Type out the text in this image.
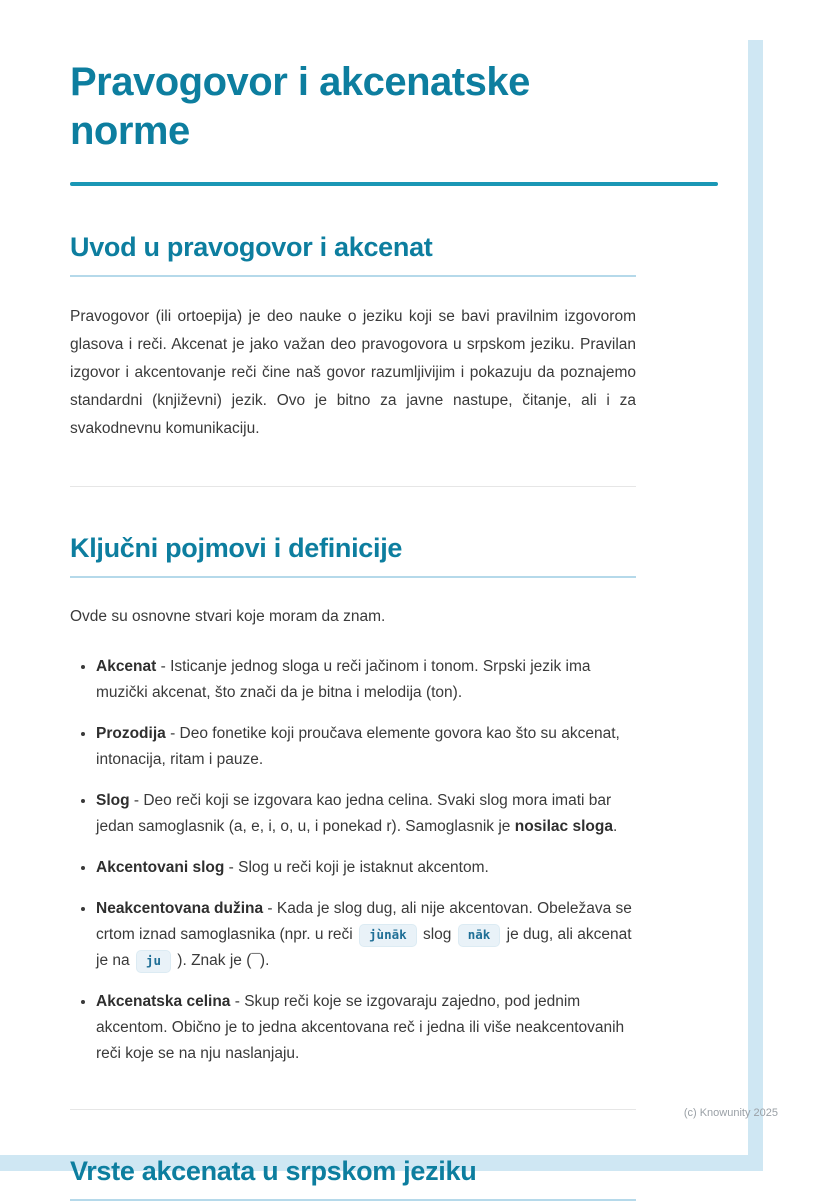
Pravogovor i akcenatske norme
Uvod u pravogovor i akcenat

Pravogovor (ili ortoepija) je deo nauke o jeziku koji se bavi pravilnim izgovorom glasova i reči. Akcenat je jako važan deo pravogovora u srpskom jeziku. Pravilan izgovor i akcentovanje reči čine naš govor razumljivijim i pokazuju da poznajemo standardni (književni) jezik. Ovo je bitno za javne nastupe, čitanje, ali i za svakodnevnu komunikaciju.

Ključni pojmovi i definicije

Ovde su osnovne stvari koje moram da znam.

• Akcenat - Isticanje jednog sloga u reči jačinom i tonom. Srpski jezik ima muzički akcenat, što znači da je bitna i melodija (ton).
• Prozodija - Deo fonetike koji proučava elemente govora kao što su akcenat, intonacija, ritam i pauze.
• Slog - Deo reči koji se izgovara kao jedna celina. Svaki slog mora imati bar jedan samoglasnik (a, e, i, o, u, i ponekad r). Samoglasnik je nosilac sloga.
• Akcentovani slog - Slog u reči koji je istaknut akcentom.
• Neakcentovana dužina - Kada je slog dug, ali nije akcentovan. Obeležava se crtom iznad samoglasnika (npr. u reči jùnāk slog nāk je dug, ali akcenat je na ju ). Znak je (¯).
• Akcenatska celina - Skup reči koje se izgovaraju zajedno, pod jednim akcentom. Obično je to jedna akcentovana reč i jedna ili više neakcentovanih reči koje se na nju naslanjaju.
Vrste akcenata u srpskom jeziku
(c) Knowunity 2025
